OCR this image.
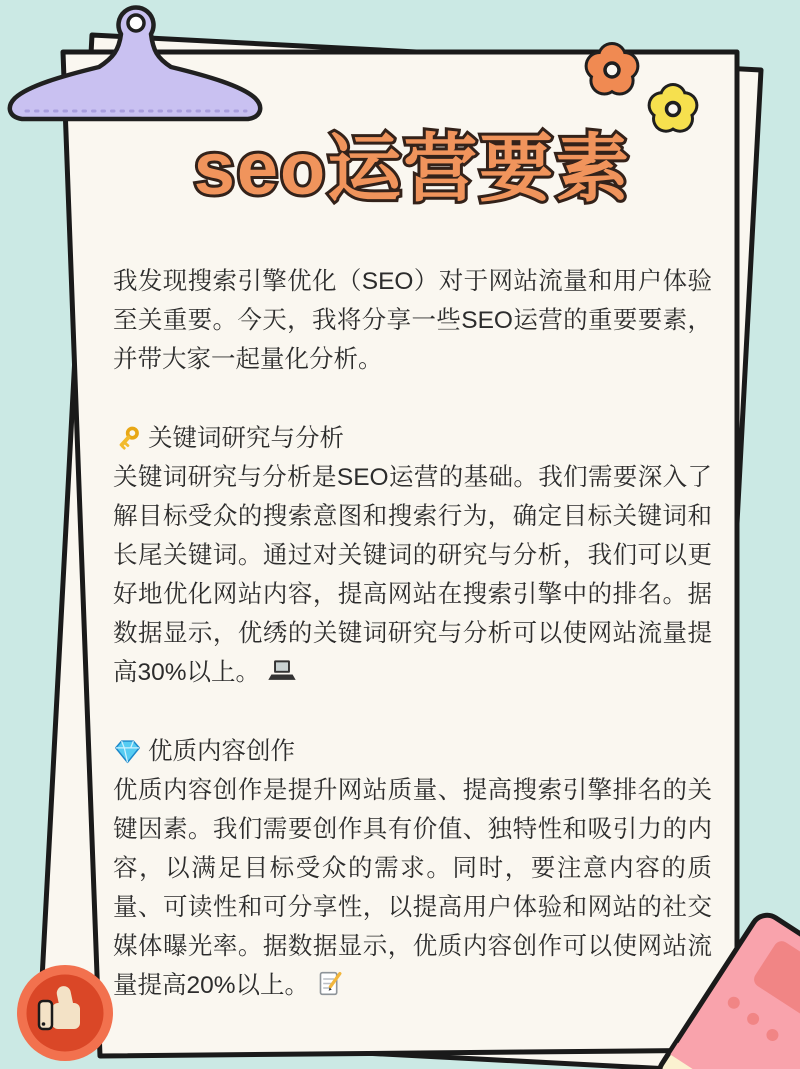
seo运营要素

我发现搜索引擎优化（SEO）对于网站流量和用户体验至关重要。今天，我将分享一些SEO运营的重要要素，并带大家一起量化分析。

关键词研究与分析

关键词研究与分析是SEO运营的基础。我们需要深入了解目标受众的搜索意图和搜索行为，确定目标关键词和长尾关键词。通过对关键词的研究与分析，我们可以更好地优化网站内容，提高网站在搜索引擎中的排名。据数据显示，优绣的关键词研究与分析可以使网站流量提高30%以上。

优质内容创作

优质内容创作是提升网站质量、提高搜索引擎排名的关键因素。我们需要创作具有价值、独特性和吸引力的内容，以满足目标受众的需求。同时，要注意内容的质量、可读性和可分享性，以提高用户体验和网站的社交媒体曝光率。据数据显示，优质内容创作可以使网站流量提高20%以上。
